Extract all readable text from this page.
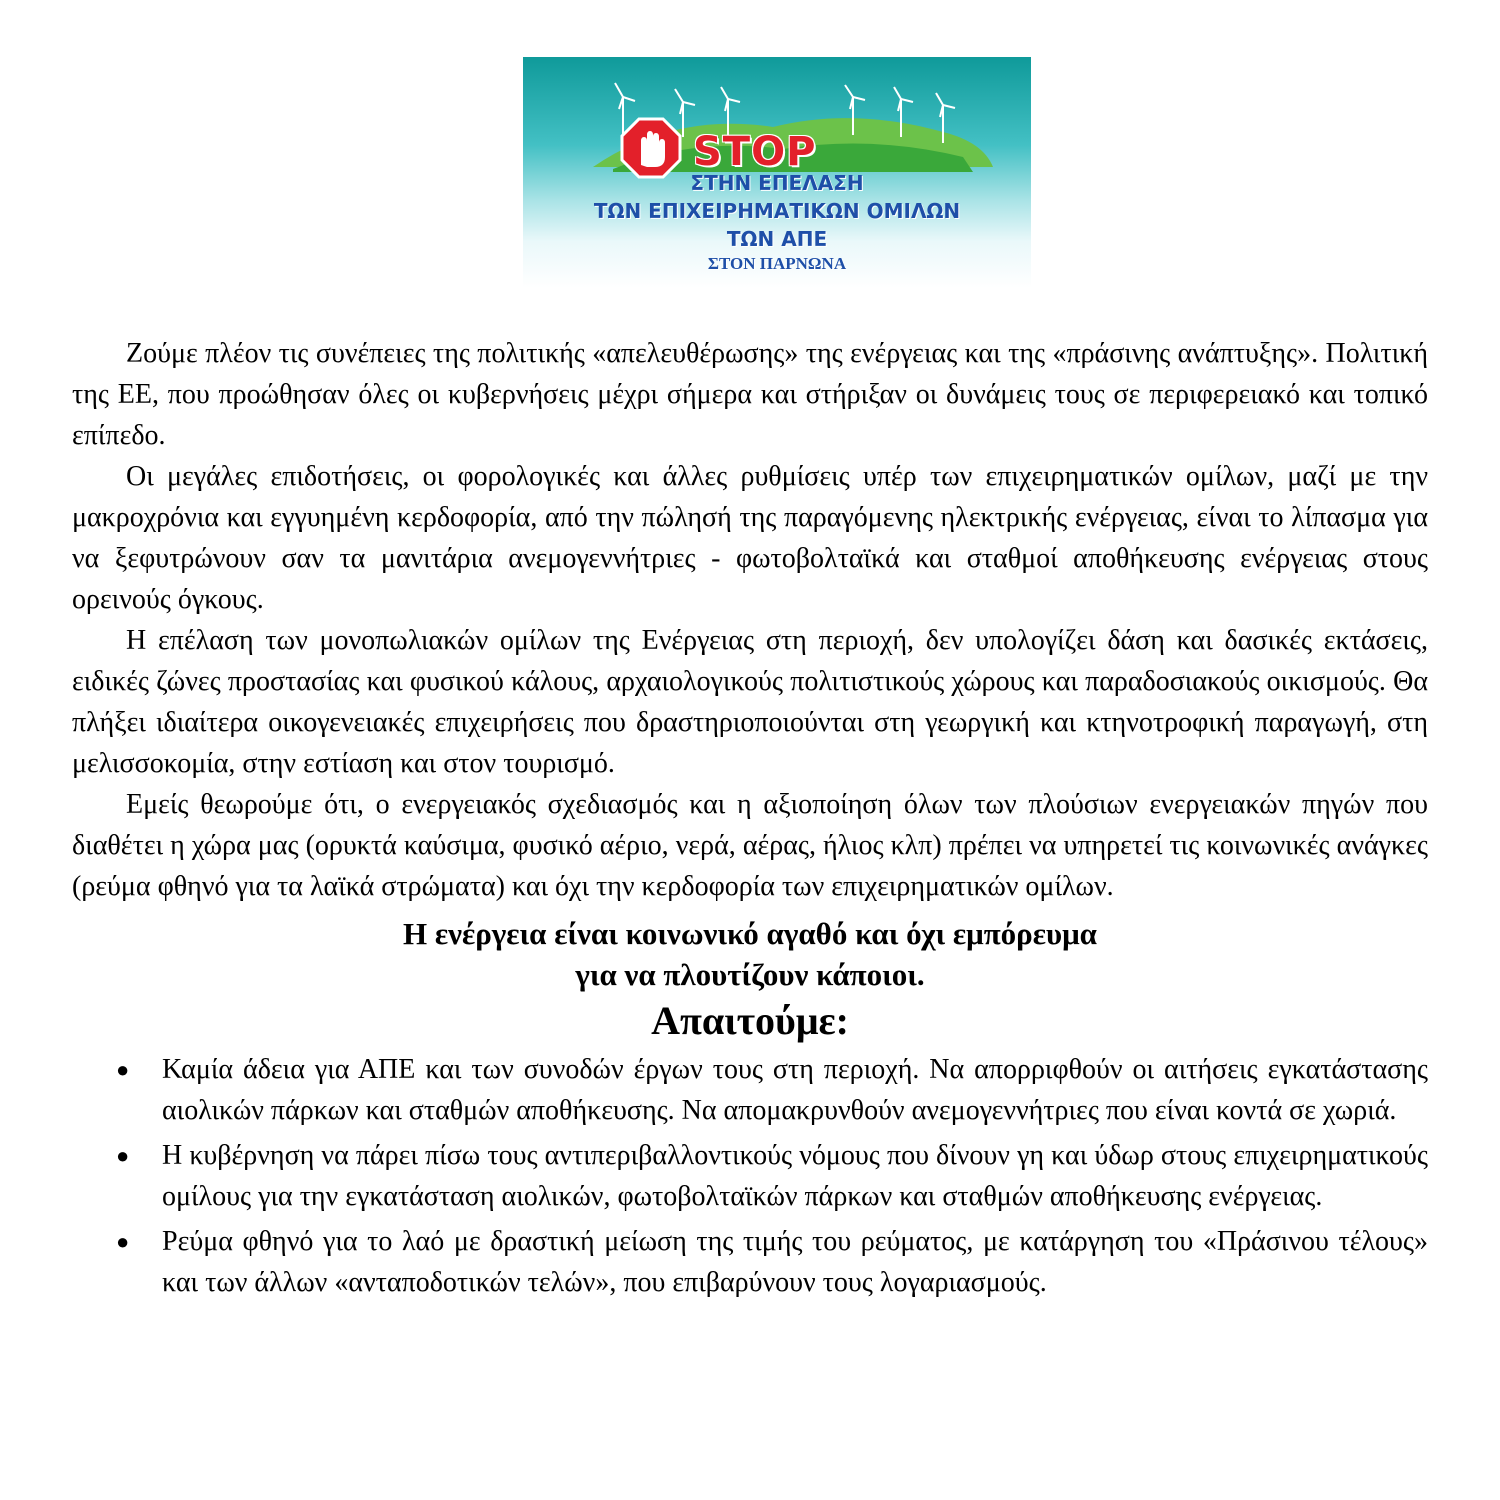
STOP
ΣΤΗΝ ΕΠΕΛΑΣΗ
ΤΩΝ ΕΠΙΧΕΙΡΗΜΑΤΙΚΩΝ ΟΜΙΛΩΝ
ΤΩΝ ΑΠΕ
ΣΤΟΝ ΠΑΡΝΩΝΑ

Ζούμε πλέον τις συνέπειες της πολιτικής «απελευθέρωσης» της ενέργειας και της «πράσινης ανάπτυξης». Πολιτική της ΕΕ, που προώθησαν όλες οι κυβερνήσεις μέχρι σήμερα και στήριξαν οι δυνάμεις τους σε περιφερειακό και τοπικό επίπεδο.

Οι μεγάλες επιδοτήσεις, οι φορολογικές και άλλες ρυθμίσεις υπέρ των επιχειρηματικών ομίλων, μαζί με την μακροχρόνια και εγγυημένη κερδοφορία, από την πώλησή της παραγόμενης ηλεκτρικής ενέργειας, είναι το λίπασμα για να ξεφυτρώνουν σαν τα μανιτάρια ανεμογεννήτριες - φωτοβολταϊκά και σταθμοί αποθήκευσης ενέργειας στους ορεινούς όγκους.

Η επέλαση των μονοπωλιακών ομίλων της Ενέργειας στη περιοχή, δεν υπολογίζει δάση και δασικές εκτάσεις, ειδικές ζώνες προστασίας και φυσικού κάλους, αρχαιολογικούς πολιτιστικούς χώρους και παραδοσιακούς οικισμούς. Θα πλήξει ιδιαίτερα οικογενειακές επιχειρήσεις που δραστηριοποιούνται στη γεωργική και κτηνοτροφική παραγωγή, στη μελισσοκομία, στην εστίαση και στον τουρισμό.

Εμείς θεωρούμε ότι, ο ενεργειακός σχεδιασμός και η αξιοποίηση όλων των πλούσιων ενεργειακών πηγών που διαθέτει η χώρα μας (ορυκτά καύσιμα, φυσικό αέριο, νερά, αέρας, ήλιος κλπ) πρέπει να υπηρετεί τις κοινωνικές ανάγκες (ρεύμα φθηνό για τα λαϊκά στρώματα) και όχι την κερδοφορία των επιχειρηματικών ομίλων.

Η ενέργεια είναι κοινωνικό αγαθό και όχι εμπόρευμα
για να πλουτίζουν κάποιοι.
Απαιτούμε:
● Καμία άδεια για ΑΠΕ και των συνοδών έργων τους στη περιοχή. Να απορριφθούν οι αιτήσεις εγκατάστασης αιολικών πάρκων και σταθμών αποθήκευσης. Να απομακρυνθούν ανεμογεννήτριες που είναι κοντά σε χωριά.
● Η κυβέρνηση να πάρει πίσω τους αντιπεριβαλλοντικούς νόμους που δίνουν γη και ύδωρ στους επιχειρηματικούς ομίλους για την εγκατάσταση αιολικών, φωτοβολταϊκών πάρκων και σταθμών αποθήκευσης ενέργειας.
● Ρεύμα φθηνό για το λαό με δραστική μείωση της τιμής του ρεύματος, με κατάργηση του «Πράσινου τέλους» και των άλλων «ανταποδοτικών τελών», που επιβαρύνουν τους λογαριασμούς.
